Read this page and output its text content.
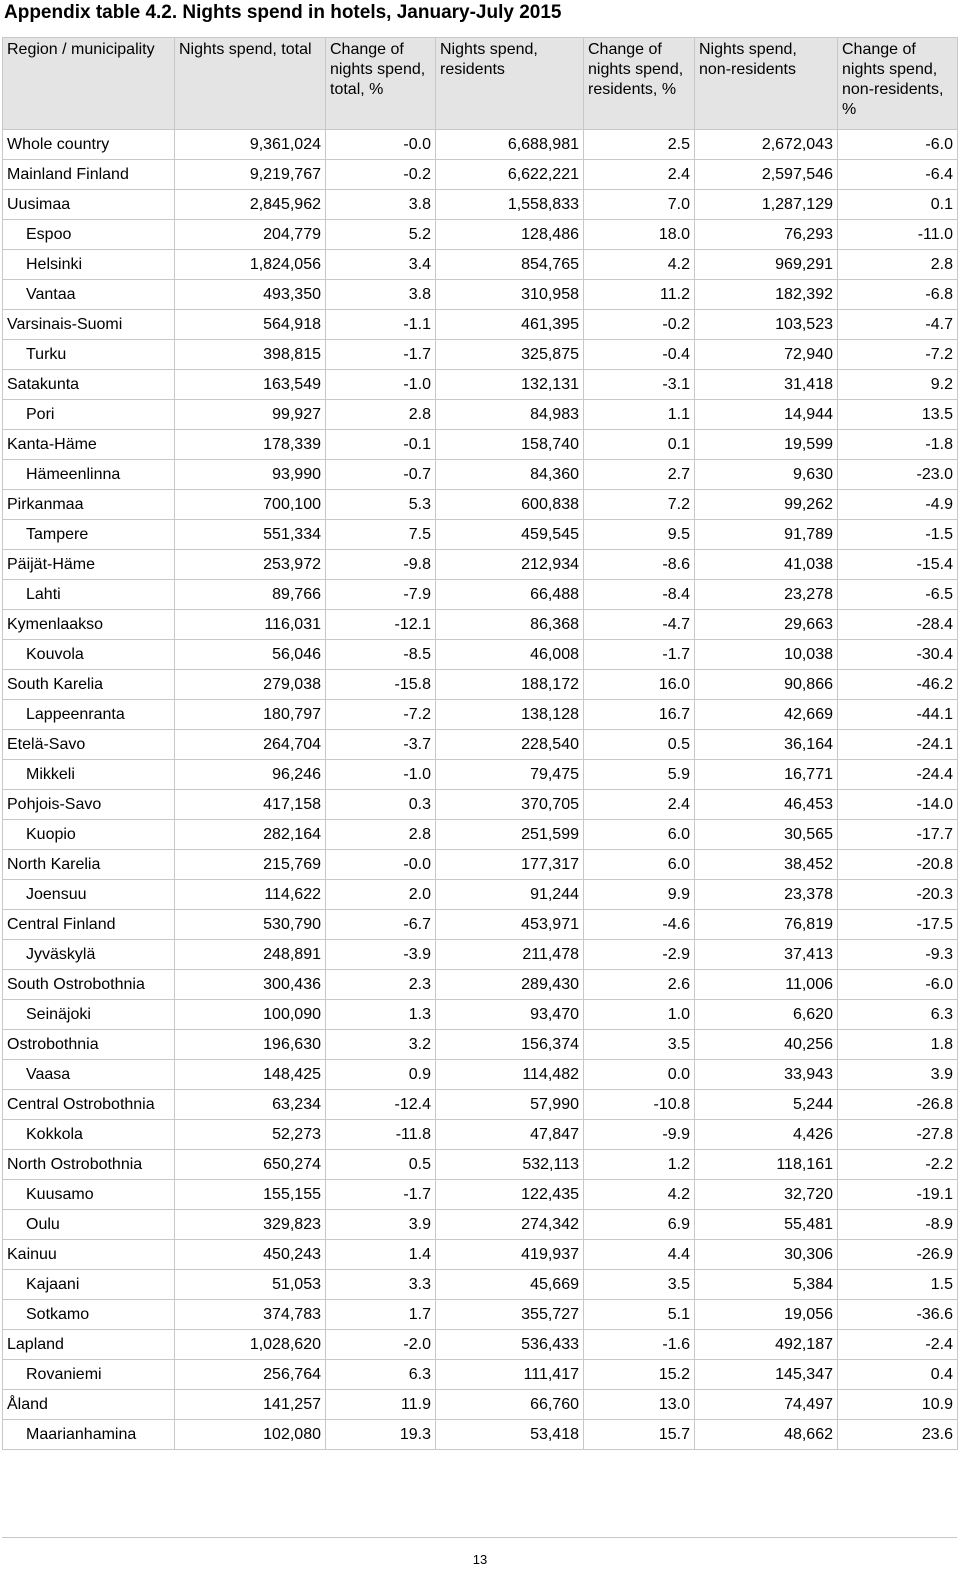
Appendix table 4.2. Nights spend in hotels, January-July 2015
Region / municipality	Nights spend, total	Change of nights spend, total, %	Nights spend, residents	Change of nights spend, residents, %	Nights spend, non-residents	Change of nights spend, non-residents, %
Whole country	9,361,024	-0.0	6,688,981	2.5	2,672,043	-6.0
Mainland Finland	9,219,767	-0.2	6,622,221	2.4	2,597,546	-6.4
Uusimaa	2,845,962	3.8	1,558,833	7.0	1,287,129	0.1
Espoo	204,779	5.2	128,486	18.0	76,293	-11.0
Helsinki	1,824,056	3.4	854,765	4.2	969,291	2.8
Vantaa	493,350	3.8	310,958	11.2	182,392	-6.8
Varsinais-Suomi	564,918	-1.1	461,395	-0.2	103,523	-4.7
Turku	398,815	-1.7	325,875	-0.4	72,940	-7.2
Satakunta	163,549	-1.0	132,131	-3.1	31,418	9.2
Pori	99,927	2.8	84,983	1.1	14,944	13.5
Kanta-Häme	178,339	-0.1	158,740	0.1	19,599	-1.8
Hämeenlinna	93,990	-0.7	84,360	2.7	9,630	-23.0
Pirkanmaa	700,100	5.3	600,838	7.2	99,262	-4.9
Tampere	551,334	7.5	459,545	9.5	91,789	-1.5
Päijät-Häme	253,972	-9.8	212,934	-8.6	41,038	-15.4
Lahti	89,766	-7.9	66,488	-8.4	23,278	-6.5
Kymenlaakso	116,031	-12.1	86,368	-4.7	29,663	-28.4
Kouvola	56,046	-8.5	46,008	-1.7	10,038	-30.4
South Karelia	279,038	-15.8	188,172	16.0	90,866	-46.2
Lappeenranta	180,797	-7.2	138,128	16.7	42,669	-44.1
Etelä-Savo	264,704	-3.7	228,540	0.5	36,164	-24.1
Mikkeli	96,246	-1.0	79,475	5.9	16,771	-24.4
Pohjois-Savo	417,158	0.3	370,705	2.4	46,453	-14.0
Kuopio	282,164	2.8	251,599	6.0	30,565	-17.7
North Karelia	215,769	-0.0	177,317	6.0	38,452	-20.8
Joensuu	114,622	2.0	91,244	9.9	23,378	-20.3
Central Finland	530,790	-6.7	453,971	-4.6	76,819	-17.5
Jyväskylä	248,891	-3.9	211,478	-2.9	37,413	-9.3
South Ostrobothnia	300,436	2.3	289,430	2.6	11,006	-6.0
Seinäjoki	100,090	1.3	93,470	1.0	6,620	6.3
Ostrobothnia	196,630	3.2	156,374	3.5	40,256	1.8
Vaasa	148,425	0.9	114,482	0.0	33,943	3.9
Central Ostrobothnia	63,234	-12.4	57,990	-10.8	5,244	-26.8
Kokkola	52,273	-11.8	47,847	-9.9	4,426	-27.8
North Ostrobothnia	650,274	0.5	532,113	1.2	118,161	-2.2
Kuusamo	155,155	-1.7	122,435	4.2	32,720	-19.1
Oulu	329,823	3.9	274,342	6.9	55,481	-8.9
Kainuu	450,243	1.4	419,937	4.4	30,306	-26.9
Kajaani	51,053	3.3	45,669	3.5	5,384	1.5
Sotkamo	374,783	1.7	355,727	5.1	19,056	-36.6
Lapland	1,028,620	-2.0	536,433	-1.6	492,187	-2.4
Rovaniemi	256,764	6.3	111,417	15.2	145,347	0.4
Åland	141,257	11.9	66,760	13.0	74,497	10.9
Maarianhamina	102,080	19.3	53,418	15.7	48,662	23.6
13
